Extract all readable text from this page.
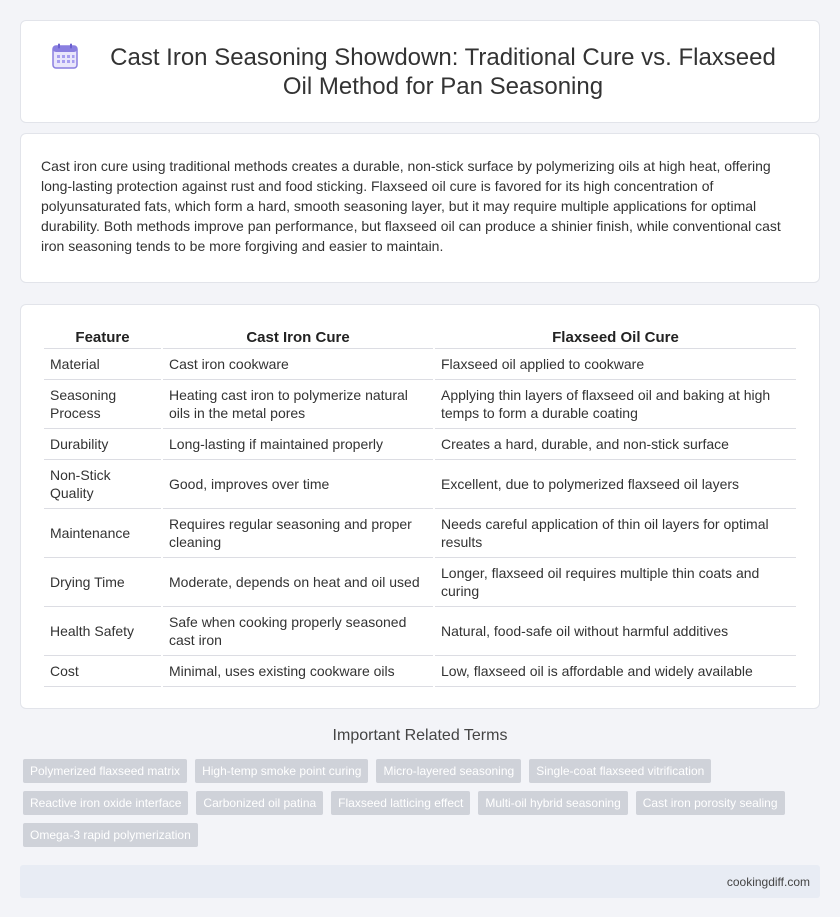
Cast Iron Seasoning Showdown: Traditional Cure vs. Flaxseed Oil Method for Pan Seasoning
Cast iron cure using traditional methods creates a durable, non-stick surface by polymerizing oils at high heat, offering long-lasting protection against rust and food sticking. Flaxseed oil cure is favored for its high concentration of polyunsaturated fats, which form a hard, smooth seasoning layer, but it may require multiple applications for optimal durability. Both methods improve pan performance, but flaxseed oil can produce a shinier finish, while conventional cast iron seasoning tends to be more forgiving and easier to maintain.
Feature	Cast Iron Cure	Flaxseed Oil Cure
Material	Cast iron cookware	Flaxseed oil applied to cookware
Seasoning Process	Heating cast iron to polymerize natural oils in the metal pores	Applying thin layers of flaxseed oil and baking at high temps to form a durable coating
Durability	Long-lasting if maintained properly	Creates a hard, durable, and non-stick surface
Non-Stick Quality	Good, improves over time	Excellent, due to polymerized flaxseed oil layers
Maintenance	Requires regular seasoning and proper cleaning	Needs careful application of thin oil layers for optimal results
Drying Time	Moderate, depends on heat and oil used	Longer, flaxseed oil requires multiple thin coats and curing
Health Safety	Safe when cooking properly seasoned cast iron	Natural, food-safe oil without harmful additives
Cost	Minimal, uses existing cookware oils	Low, flaxseed oil is affordable and widely available
Important Related Terms
Polymerized flaxseed matrix	High-temp smoke point curing	Micro-layered seasoning	Single-coat flaxseed vitrification
Reactive iron oxide interface	Carbonized oil patina	Flaxseed latticing effect	Multi-oil hybrid seasoning	Cast iron porosity sealing
Omega-3 rapid polymerization
cookingdiff.com
